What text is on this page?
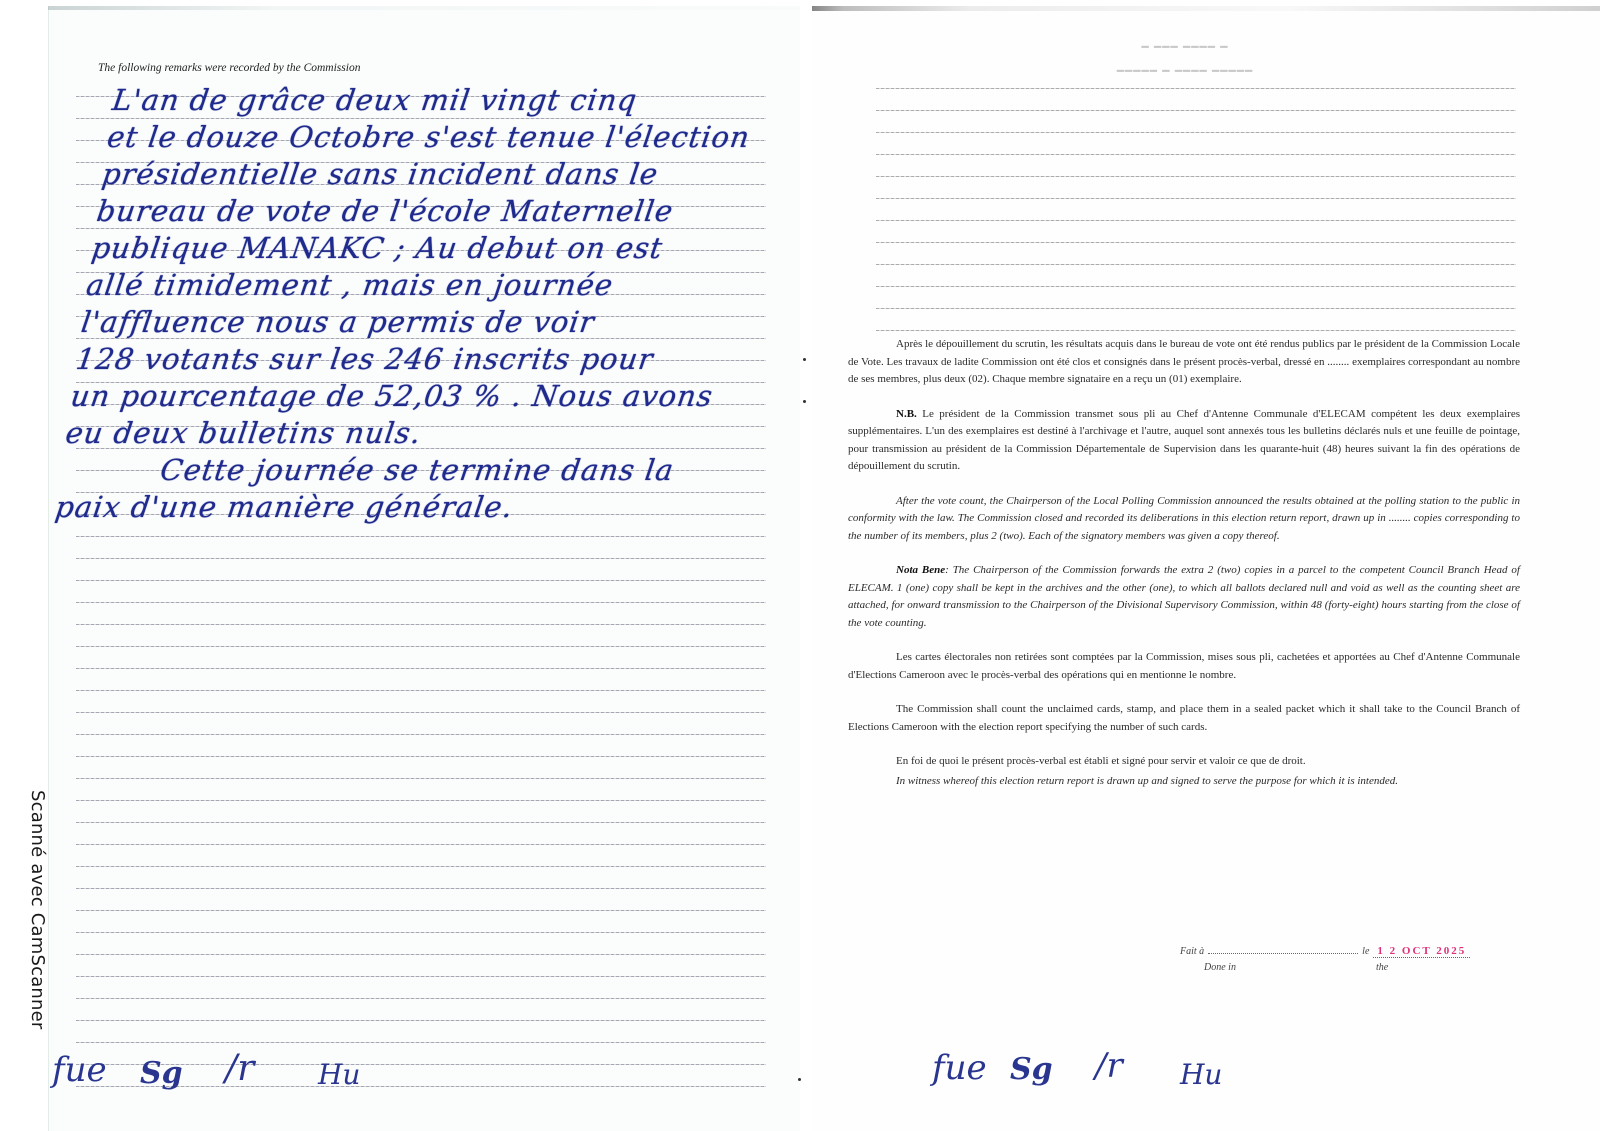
Scanné avec CamScanner
The following remarks were recorded by the Commission
L'an de grâce deux mil vingt cinq
et le douze Octobre s'est tenue l'élection
présidentielle sans incident dans le
bureau de vote de l'école Maternelle
publique MANAKC ; Au debut on est
allé timidement , mais en journée
l'affluence nous a permis de voir
128 votants sur les 246 inscrits pour
un pourcentage de 52,03 % . Nous avons
eu deux bulletins nuls.
Cette journée se termine dans la
paix d'une manière générale.
━ ━━━ ━━━━ ━
━━━━━ ━ ━━━━ ━━━━━

Après le dépouillement du scrutin, les résultats acquis dans le bureau de vote ont été rendus publics par le président de la Commission Locale de Vote. Les travaux de ladite Commission ont été clos et consignés dans le présent procès-verbal, dressé en ........ exemplaires correspondant au nombre de ses membres, plus deux (02). Chaque membre signataire en a reçu un (01) exemplaire.

N.B. Le président de la Commission transmet sous pli au Chef d'Antenne Communale d'ELECAM compétent les deux exemplaires supplémentaires. L'un des exemplaires est destiné à l'archivage et l'autre, auquel sont annexés tous les bulletins déclarés nuls et une feuille de pointage, pour transmission au président de la Commission Départementale de Supervision dans les quarante-huit (48) heures suivant la fin des opérations de dépouillement du scrutin.

After the vote count, the Chairperson of the Local Polling Commission announced the results obtained at the polling station to the public in conformity with the law. The Commission closed and recorded its deliberations in this election return report, drawn up in ........ copies corresponding to the number of its members, plus 2 (two). Each of the signatory members was given a copy thereof.

Nota Bene: The Chairperson of the Commission forwards the extra 2 (two) copies in a parcel to the competent Council Branch Head of ELECAM. 1 (one) copy shall be kept in the archives and the other (one), to which all ballots declared null and void as well as the counting sheet are attached, for onward transmission to the Chairperson of the Divisional Supervisory Commission, within 48 (forty-eight) hours starting from the close of the vote counting.

Les cartes électorales non retirées sont comptées par la Commission, mises sous pli, cachetées et apportées au Chef d'Antenne Communale d'Elections Cameroon avec le procès-verbal des opérations qui en mentionne le nombre.

The Commission shall count the unclaimed cards, stamp, and place them in a sealed packet which it shall take to the Council Branch of Elections Cameroon with the election report specifying the number of such cards.

En foi de quoi le présent procès-verbal est établi et signé pour servir et valoir ce que de droit.

In witness whereof this election return report is drawn up and signed to serve the purpose for which it is intended.

Fait à	le 1 2 OCT 2025
Done in	the
fue Sg /r Hu	fue Sg /r Hu
